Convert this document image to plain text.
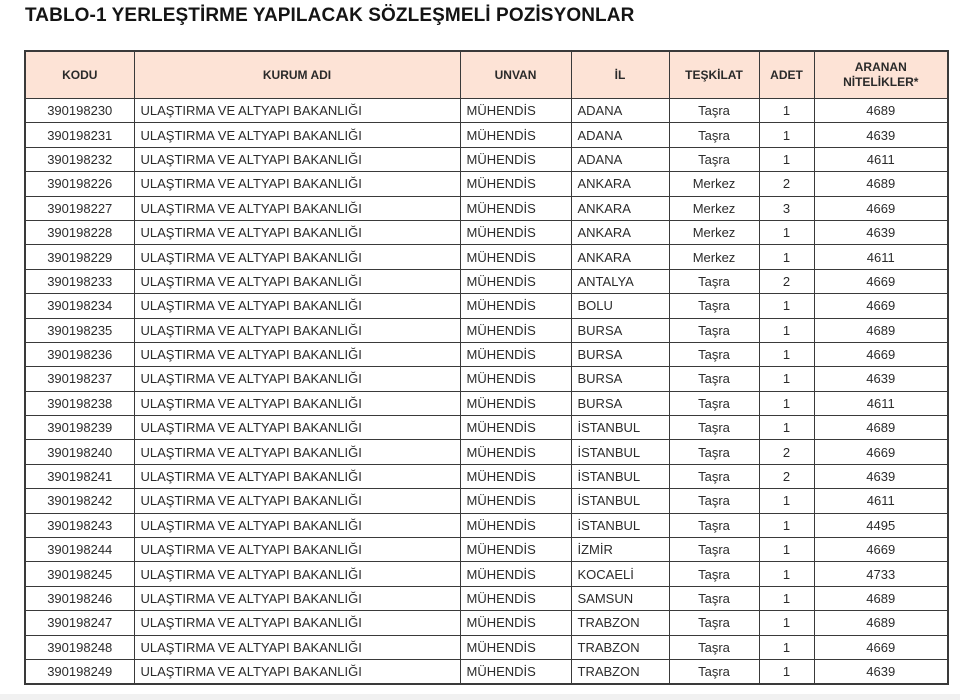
TABLO-1 YERLEŞTİRME YAPILACAK SÖZLEŞMELİ POZİSYONLAR
KODU	KURUM ADI	UNVAN	İL	TEŞKİLAT	ADET	ARANAN
NİTELİKLER*

390198230	ULAŞTIRMA VE ALTYAPI BAKANLIĞI	MÜHENDİS	ADANA	Taşra	1	4689
390198231	ULAŞTIRMA VE ALTYAPI BAKANLIĞI	MÜHENDİS	ADANA	Taşra	1	4639
390198232	ULAŞTIRMA VE ALTYAPI BAKANLIĞI	MÜHENDİS	ADANA	Taşra	1	4611
390198226	ULAŞTIRMA VE ALTYAPI BAKANLIĞI	MÜHENDİS	ANKARA	Merkez	2	4689
390198227	ULAŞTIRMA VE ALTYAPI BAKANLIĞI	MÜHENDİS	ANKARA	Merkez	3	4669
390198228	ULAŞTIRMA VE ALTYAPI BAKANLIĞI	MÜHENDİS	ANKARA	Merkez	1	4639
390198229	ULAŞTIRMA VE ALTYAPI BAKANLIĞI	MÜHENDİS	ANKARA	Merkez	1	4611
390198233	ULAŞTIRMA VE ALTYAPI BAKANLIĞI	MÜHENDİS	ANTALYA	Taşra	2	4669
390198234	ULAŞTIRMA VE ALTYAPI BAKANLIĞI	MÜHENDİS	BOLU	Taşra	1	4669
390198235	ULAŞTIRMA VE ALTYAPI BAKANLIĞI	MÜHENDİS	BURSA	Taşra	1	4689
390198236	ULAŞTIRMA VE ALTYAPI BAKANLIĞI	MÜHENDİS	BURSA	Taşra	1	4669
390198237	ULAŞTIRMA VE ALTYAPI BAKANLIĞI	MÜHENDİS	BURSA	Taşra	1	4639
390198238	ULAŞTIRMA VE ALTYAPI BAKANLIĞI	MÜHENDİS	BURSA	Taşra	1	4611
390198239	ULAŞTIRMA VE ALTYAPI BAKANLIĞI	MÜHENDİS	İSTANBUL	Taşra	1	4689
390198240	ULAŞTIRMA VE ALTYAPI BAKANLIĞI	MÜHENDİS	İSTANBUL	Taşra	2	4669
390198241	ULAŞTIRMA VE ALTYAPI BAKANLIĞI	MÜHENDİS	İSTANBUL	Taşra	2	4639
390198242	ULAŞTIRMA VE ALTYAPI BAKANLIĞI	MÜHENDİS	İSTANBUL	Taşra	1	4611
390198243	ULAŞTIRMA VE ALTYAPI BAKANLIĞI	MÜHENDİS	İSTANBUL	Taşra	1	4495
390198244	ULAŞTIRMA VE ALTYAPI BAKANLIĞI	MÜHENDİS	İZMİR	Taşra	1	4669
390198245	ULAŞTIRMA VE ALTYAPI BAKANLIĞI	MÜHENDİS	KOCAELİ	Taşra	1	4733
390198246	ULAŞTIRMA VE ALTYAPI BAKANLIĞI	MÜHENDİS	SAMSUN	Taşra	1	4689
390198247	ULAŞTIRMA VE ALTYAPI BAKANLIĞI	MÜHENDİS	TRABZON	Taşra	1	4689
390198248	ULAŞTIRMA VE ALTYAPI BAKANLIĞI	MÜHENDİS	TRABZON	Taşra	1	4669
390198249	ULAŞTIRMA VE ALTYAPI BAKANLIĞI	MÜHENDİS	TRABZON	Taşra	1	4639
